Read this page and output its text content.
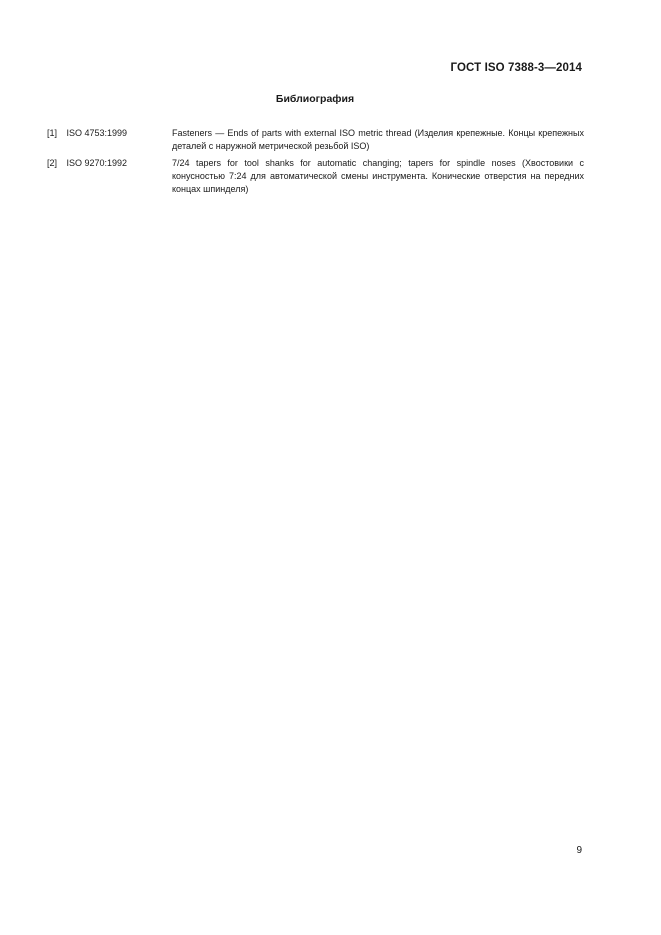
ГОСТ ISO 7388-3—2014
Библиография
[1] ISO 4753:1999	Fasteners — Ends of parts with external ISO metric thread (Изделия крепежные. Концы крепежных деталей с наружной метрической резьбой ISO)
[2] ISO 9270:1992	7/24 tapers for tool shanks for automatic changing; tapers for spindle noses (Хвостовики с конусностью 7:24 для автоматической смены инструмента. Конические отверстия на передних концах шпинделя)
9
